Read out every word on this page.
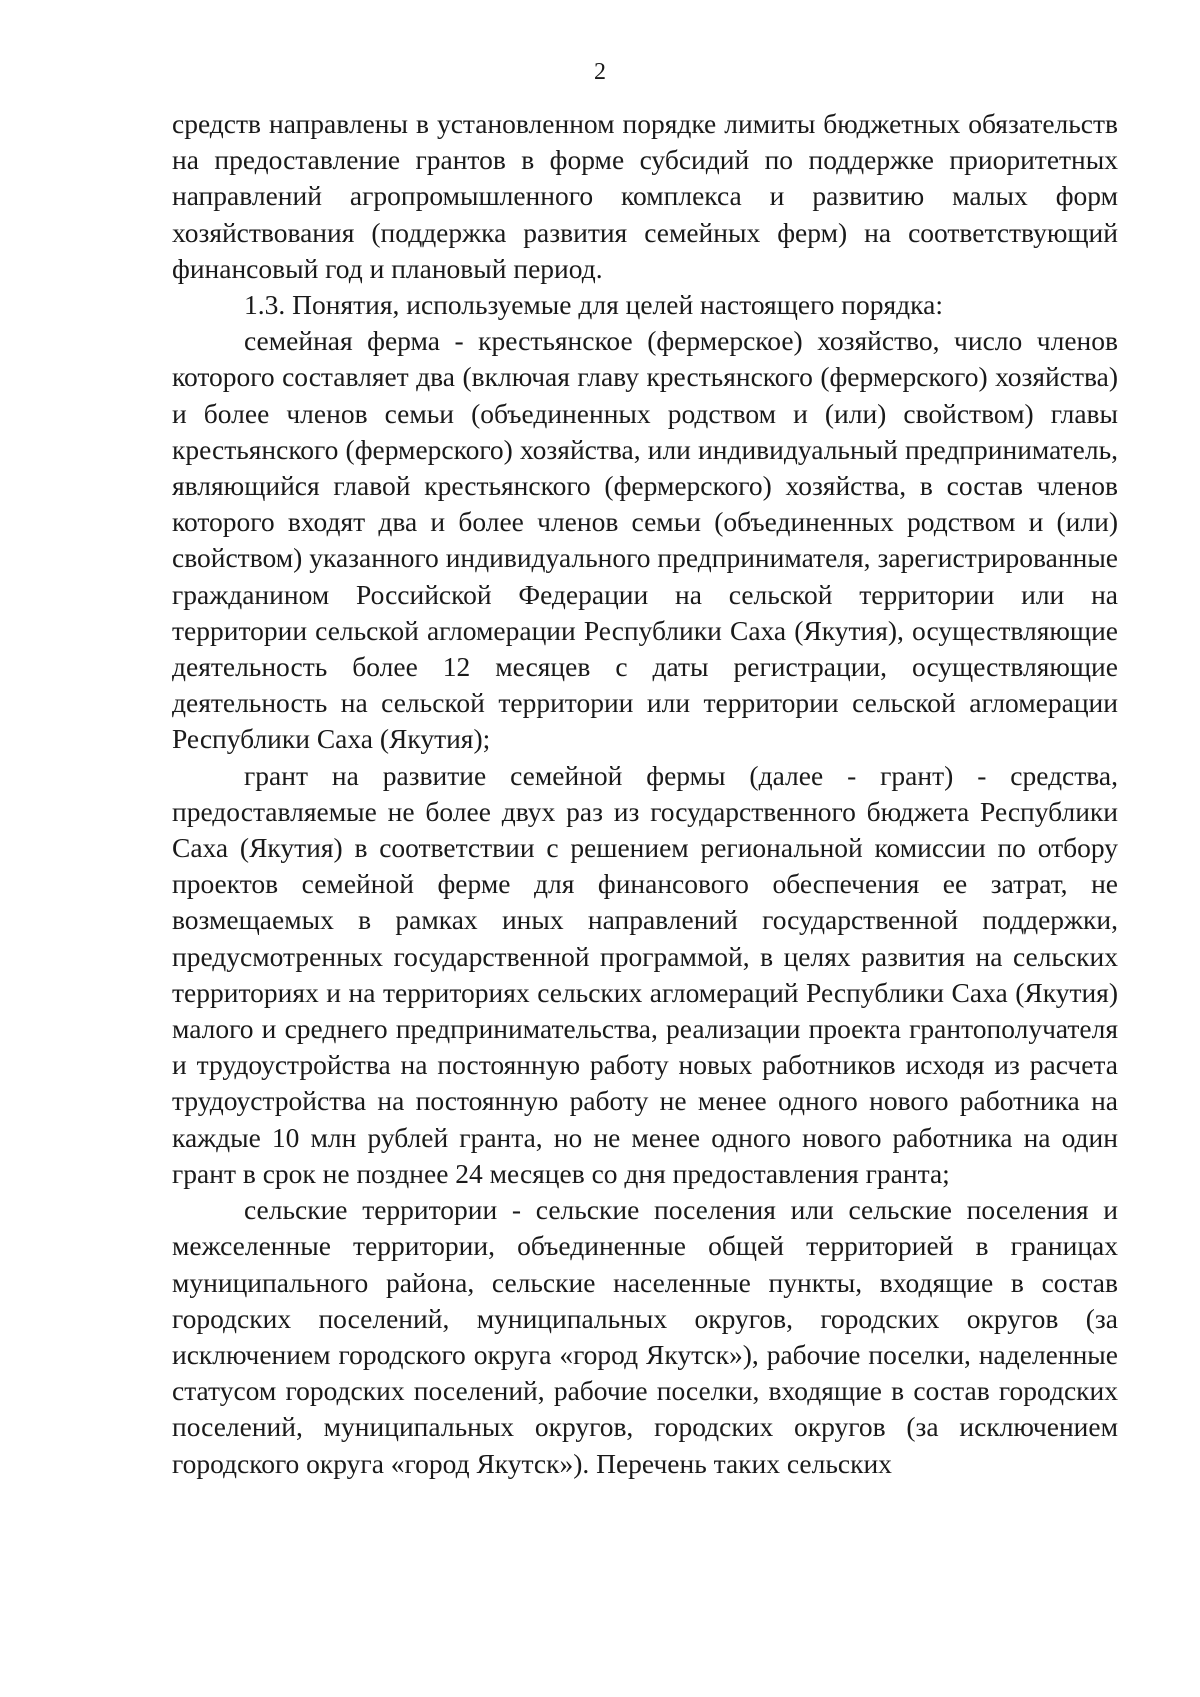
2

средств направлены в установленном порядке лимиты бюджетных обязательств на предоставление грантов в форме субсидий по поддержке приоритетных направлений агропромышленного комплекса и развитию малых форм хозяйствования (поддержка развития семейных ферм) на соответствующий финансовый год и плановый период.

1.3. Понятия, используемые для целей настоящего порядка:

семейная ферма - крестьянское (фермерское) хозяйство, число членов которого составляет два (включая главу крестьянского (фермерского) хозяйства) и более членов семьи (объединенных родством и (или) свойством) главы крестьянского (фермерского) хозяйства, или индивидуальный предприниматель, являющийся главой крестьянского (фермерского) хозяйства, в состав членов которого входят два и более членов семьи (объединенных родством и (или) свойством) указанного индивидуального предпринимателя, зарегистрированные гражданином Российской Федерации на сельской территории или на территории сельской агломерации Республики Саха (Якутия), осуществляющие деятельность более 12 месяцев с даты регистрации, осуществляющие деятельность на сельской территории или территории сельской агломерации Республики Саха (Якутия);

грант на развитие семейной фермы (далее - грант) - средства, предоставляемые не более двух раз из государственного бюджета Республики Саха (Якутия) в соответствии с решением региональной комиссии по отбору проектов семейной ферме для финансового обеспечения ее затрат, не возмещаемых в рамках иных направлений государственной поддержки, предусмотренных государственной программой, в целях развития на сельских территориях и на территориях сельских агломераций Республики Саха (Якутия) малого и среднего предпринимательства, реализации проекта грантополучателя и трудоустройства на постоянную работу новых работников исходя из расчета трудоустройства на постоянную работу не менее одного нового работника на каждые 10 млн рублей гранта, но не менее одного нового работника на один грант в срок не позднее 24 месяцев со дня предоставления гранта;

сельские территории - сельские поселения или сельские поселения и межселенные территории, объединенные общей территорией в границах муниципального района, сельские населенные пункты, входящие в состав городских поселений, муниципальных округов, городских округов (за исключением городского округа «город Якутск»), рабочие поселки, наделенные статусом городских поселений, рабочие поселки, входящие в состав городских поселений, муниципальных округов, городских округов (за исключением городского округа «город Якутск»). Перечень таких сельских
